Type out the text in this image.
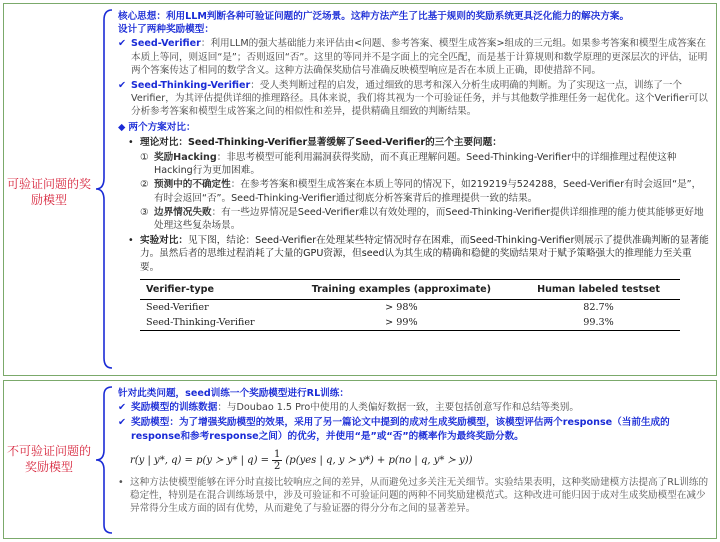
可验证问题的奖励模型

核心思想：利用LLM判断各种可验证问题的广泛场景。这种方法产生了比基于规则的奖励系统更具泛化能力的解决方案。

设计了两种奖励模型：

✔ Seed-Verifier：利用LLM的强大基础能力来评估由<问题、参考答案、模型生成答案>组成的三元组。如果参考答案和模型生成答案在本质上等同，则返回“是”；否则返回“否”。这里的等同并不是字面上的完全匹配，而是基于计算规则和数学原理的更深层次的评估，证明两个答案传达了相同的数学含义。这种方法确保奖励信号准确反映模型响应是否在本质上正确，即使措辞不同。
✔ Seed-Thinking-Verifier：受人类判断过程的启发，通过细致的思考和深入分析生成明确的判断。为了实现这一点，训练了一个Verifier，为其评估提供详细的推理路径。具体来说，我们将其视为一个可验证任务，并与其他数学推理任务一起优化。这个Verifier可以分析参考答案和模型生成答案之间的相似性和差异，提供精确且细致的判断结果。

◆ 两个方案对比：

• 理论对比：Seed-Thinking-Verifier显著缓解了Seed-Verifier的三个主要问题：
① 奖励Hacking：非思考模型可能利用漏洞获得奖励，而不真正理解问题。Seed-Thinking-Verifier中的详细推理过程使这种Hacking行为更加困难。
② 预测中的不确定性：在参考答案和模型生成答案在本质上等同的情况下，如219219与524288，Seed-Verifier有时会返回“是”，有时会返回“否”。Seed-Thinking-Verifier通过彻底分析答案背后的推理提供一致的结果。
③ 边界情况失败：有一些边界情况是Seed-Verifier难以有效处理的，而Seed-Thinking-Verifier提供详细推理的能力使其能够更好地处理这些复杂场景。
• 实验对比：见下图，结论：Seed-Verifier在处理某些特定情况时存在困难，而Seed-Thinking-Verifier则展示了提供准确判断的显著能力。虽然后者的思维过程消耗了大量的GPU资源，但seed认为其生成的精确和稳健的奖励结果对于赋予策略强大的推理能力至关重要。
Verifier-type	Training examples (approximate)	Human labeled testset
Seed-Verifier	> 98%	82.7%
Seed-Thinking-Verifier	> 99%	99.3%
不可验证问题的奖励模型

针对此类问题，seed训练一个奖励模型进行RL训练：

✔ 奖励模型的训练数据：与Doubao 1.5 Pro中使用的人类偏好数据一致，主要包括创意写作和总结等类别。
✔ 奖励模型：为了增强奖励模型的效果，采用了另一篇论文中提到的成对生成奖励模型，该模型评估两个response（当前生成的response和参考response之间）的优劣，并使用“是”或“否”的概率作为最终奖励分数。
r(y | y*, q) = p(y ≻ y* | $q) = \frac{1}{2} (p(yes$ | q, y ≻ y*) + p(no | q, y* ≻ y))
• 这种方法使模型能够在评分时直接比较响应之间的差异，从而避免过多关注无关细节。实验结果表明，这种奖励建模方法提高了RL训练的稳定性，特别是在混合训练场景中，涉及可验证和不可验证问题的两种不同奖励建模范式。这种改进可能归因于成对生成奖励模型在减少异常得分生成方面的固有优势，从而避免了与验证器的得分分布之间的显著差异。
